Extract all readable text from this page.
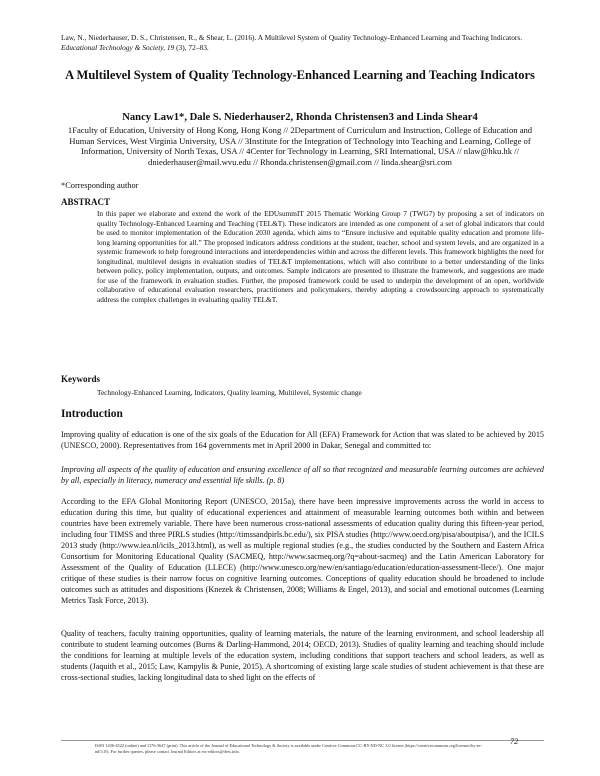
Law, N., Niederhauser, D. S., Christensen, R., & Shear, L. (2016). A Multilevel System of Quality Technology-Enhanced Learning and Teaching Indicators. Educational Technology & Society, 19 (3), 72–83.
A Multilevel System of Quality Technology-Enhanced Learning and Teaching Indicators
Nancy Law1*, Dale S. Niederhauser2, Rhonda Christensen3 and Linda Shear4
1Faculty of Education, University of Hong Kong, Hong Kong // 2Department of Curriculum and Instruction, College of Education and Human Services, West Virginia University, USA // 3Institute for the Integration of Technology into Teaching and Learning, College of Information, University of North Texas, USA // 4Center for Technology in Learning, SRI International, USA // nlaw@hku.hk // dniederhauser@mail.wvu.edu // Rhonda.christensen@gmail.com // linda.shear@sri.com
*Corresponding author
ABSTRACT
In this paper we elaborate and extend the work of the EDUsummIT 2015 Thematic Working Group 7 (TWG7) by proposing a set of indicators on quality Technology-Enhanced Learning and Teaching (TEL&T). These indicators are intended as one component of a set of global indicators that could be used to monitor implementation of the Education 2030 agenda, which aims to “Ensure inclusive and equitable quality education and promote life-long learning opportunities for all.” The proposed indicators address conditions at the student, teacher, school and system levels, and are organized in a systemic framework to help foreground interactions and interdependencies within and across the different levels. This framework highlights the need for longitudinal, multilevel designs in evaluation studies of TEL&T implementations, which will also contribute to a better understanding of the links between policy, policy implementation, outputs, and outcomes. Sample indicators are presented to illustrate the framework, and suggestions are made for use of the framework in evaluation studies. Further, the proposed framework could be used to underpin the development of an open, worldwide collaborative of educational evaluation researchers, practitioners and policymakers, thereby adopting a crowdsourcing approach to systematically address the complex challenges in evaluating quality TEL&T.
Keywords
Technology-Enhanced Learning, Indicators, Quality learning, Multilevel, Systemic change
Introduction
Improving quality of education is one of the six goals of the Education for All (EFA) Framework for Action that was slated to be achieved by 2015 (UNESCO, 2000). Representatives from 164 governments met in April 2000 in Dakar, Senegal and committed to:
Improving all aspects of the quality of education and ensuring excellence of all so that recognized and measurable learning outcomes are achieved by all, especially in literacy, numeracy and essential life skills. (p. 8)
According to the EFA Global Monitoring Report (UNESCO, 2015a), there have been impressive improvements across the world in access to education during this time, but quality of educational experiences and attainment of measurable learning outcomes both within and between countries have been extremely variable. There have been numerous cross-national assessments of education quality during this fifteen-year period, including four TIMSS and three PIRLS studies (http://timssandpirls.bc.edu/), six PISA studies (http://www.oecd.org/pisa/aboutpisa/), and the ICILS 2013 study (http://www.iea.nl/icils_2013.html), as well as multiple regional studies (e.g., the studies conducted by the Southern and Eastern Africa Consortium for Monitoring Educational Quality (SACMEQ, http://www.sacmeq.org/?q=about-sacmeq) and the Latin American Laboratory for Assessment of the Quality of Education (LLECE) (http://www.unesco.org/new/en/santiago/education/education-assessment-llece/). One major critique of these studies is their narrow focus on cognitive learning outcomes. Conceptions of quality education should be broadened to include outcomes such as attitudes and dispositions (Knezek & Christensen, 2008; Williams & Engel, 2013), and social and emotional outcomes (Learning Metrics Task Force, 2013).
Quality of teachers, faculty training opportunities, quality of learning materials, the nature of the learning environment, and school leadership all contribute to student learning outcomes (Burns & Darling-Hammond, 2014; OECD, 2013). Studies of quality learning and teaching should include the conditions for learning at multiple levels of the education system, including conditions that support teachers and school leaders, as well as students (Jaquith et al., 2015; Law, Kampylis & Punie, 2015). A shortcoming of existing large scale studies of student achievement is that these are cross-sectional studies, lacking longitudinal data to shed light on the effects of
ISSN 1436-4522 (online) and 1176-3647 (print). This article of the Journal of Educational Technology & Society is available under Creative Commons CC-BY-ND-NC 3.0 license (https://creativecommons.org/licenses/by-nc-nd/3.0/). For further queries, please contact Journal Editors at ets-editors@ifets.info.
72
